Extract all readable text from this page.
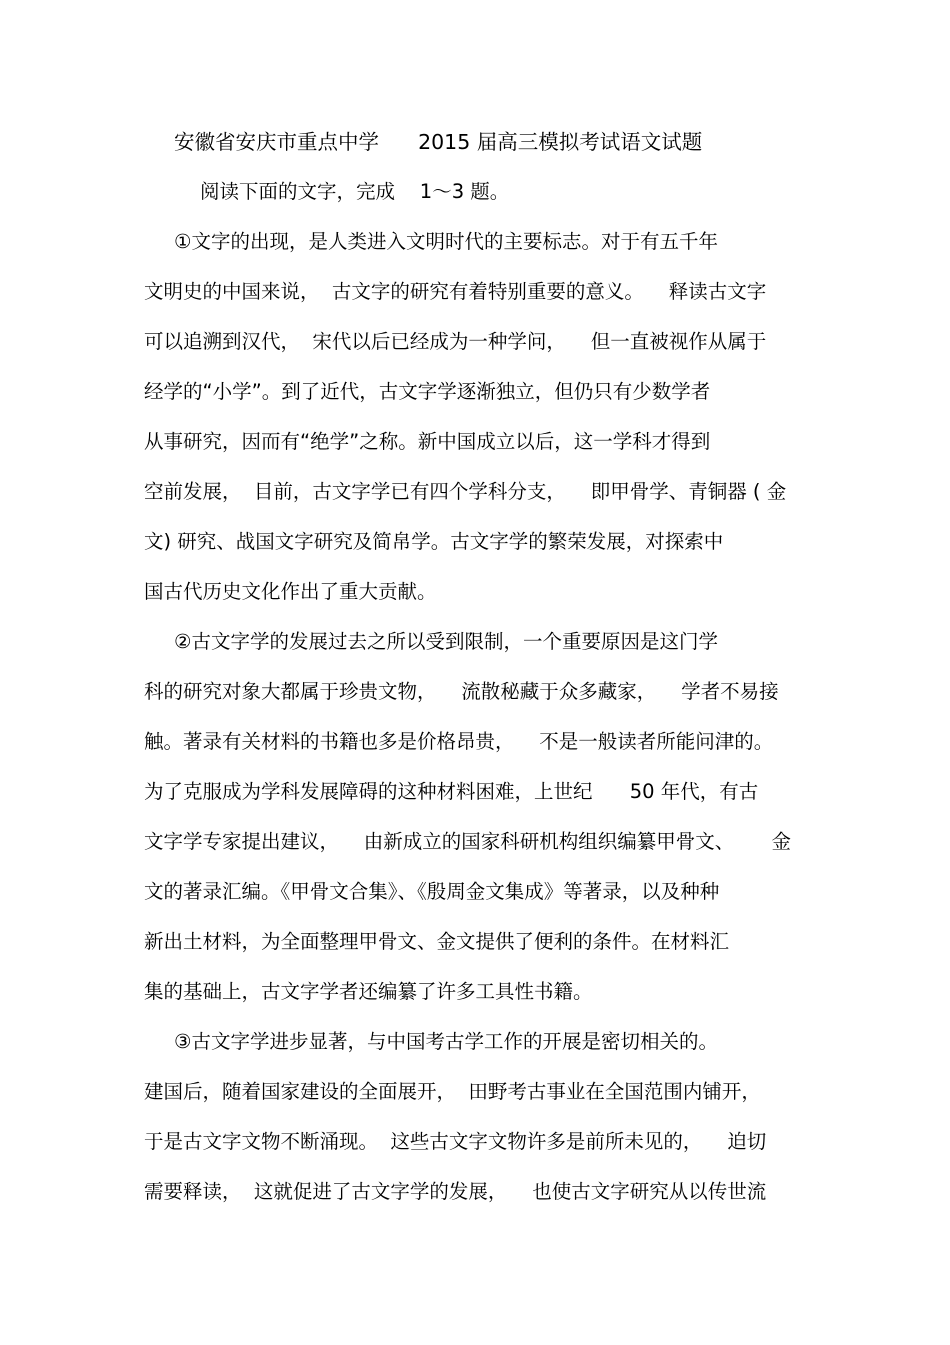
安徽省安庆市重点中学      2015 届高三模拟考试语文试题
阅读下面的文字，完成    1～3 题。
①文字的出现，是人类进入文明时代的主要标志。对于有五千年
文明史的中国来说，  古文字的研究有着特别重要的意义。    释读古文字
可以追溯到汉代，  宋代以后已经成为一种学问，    但一直被视作从属于
经学的“小学”。到了近代，古文字学逐渐独立，但仍只有少数学者
从事研究，因而有“绝学”之称。新中国成立以后，这一学科才得到
空前发展，  目前，古文字学已有四个学科分支，    即甲骨学、青铜器 ( 金
文) 研究、战国文字研究及简帛学。古文字学的繁荣发展，对探索中
国古代历史文化作出了重大贡献。
②古文字学的发展过去之所以受到限制，一个重要原因是这门学
科的研究对象大都属于珍贵文物，    流散秘藏于众多藏家，    学者不易接
触。著录有关材料的书籍也多是价格昂贵，    不是一般读者所能问津的。
为了克服成为学科发展障碍的这种材料困难，上世纪      50 年代，有古
文字学专家提出建议，    由新成立的国家科研机构组织编纂甲骨文、      金
文的著录汇编。《甲骨文合集》、《殷周金文集成》等著录，以及种种
新出土材料，为全面整理甲骨文、金文提供了便利的条件。在材料汇
集的基础上，古文字学者还编纂了许多工具性书籍。
③古文字学进步显著，与中国考古学工作的开展是密切相关的。
建国后，随着国家建设的全面展开，  田野考古事业在全国范围内铺开，
于是古文字文物不断涌现。  这些古文字文物许多是前所未见的，    迫切
需要释读，  这就促进了古文字学的发展，    也使古文字研究从以传世流
